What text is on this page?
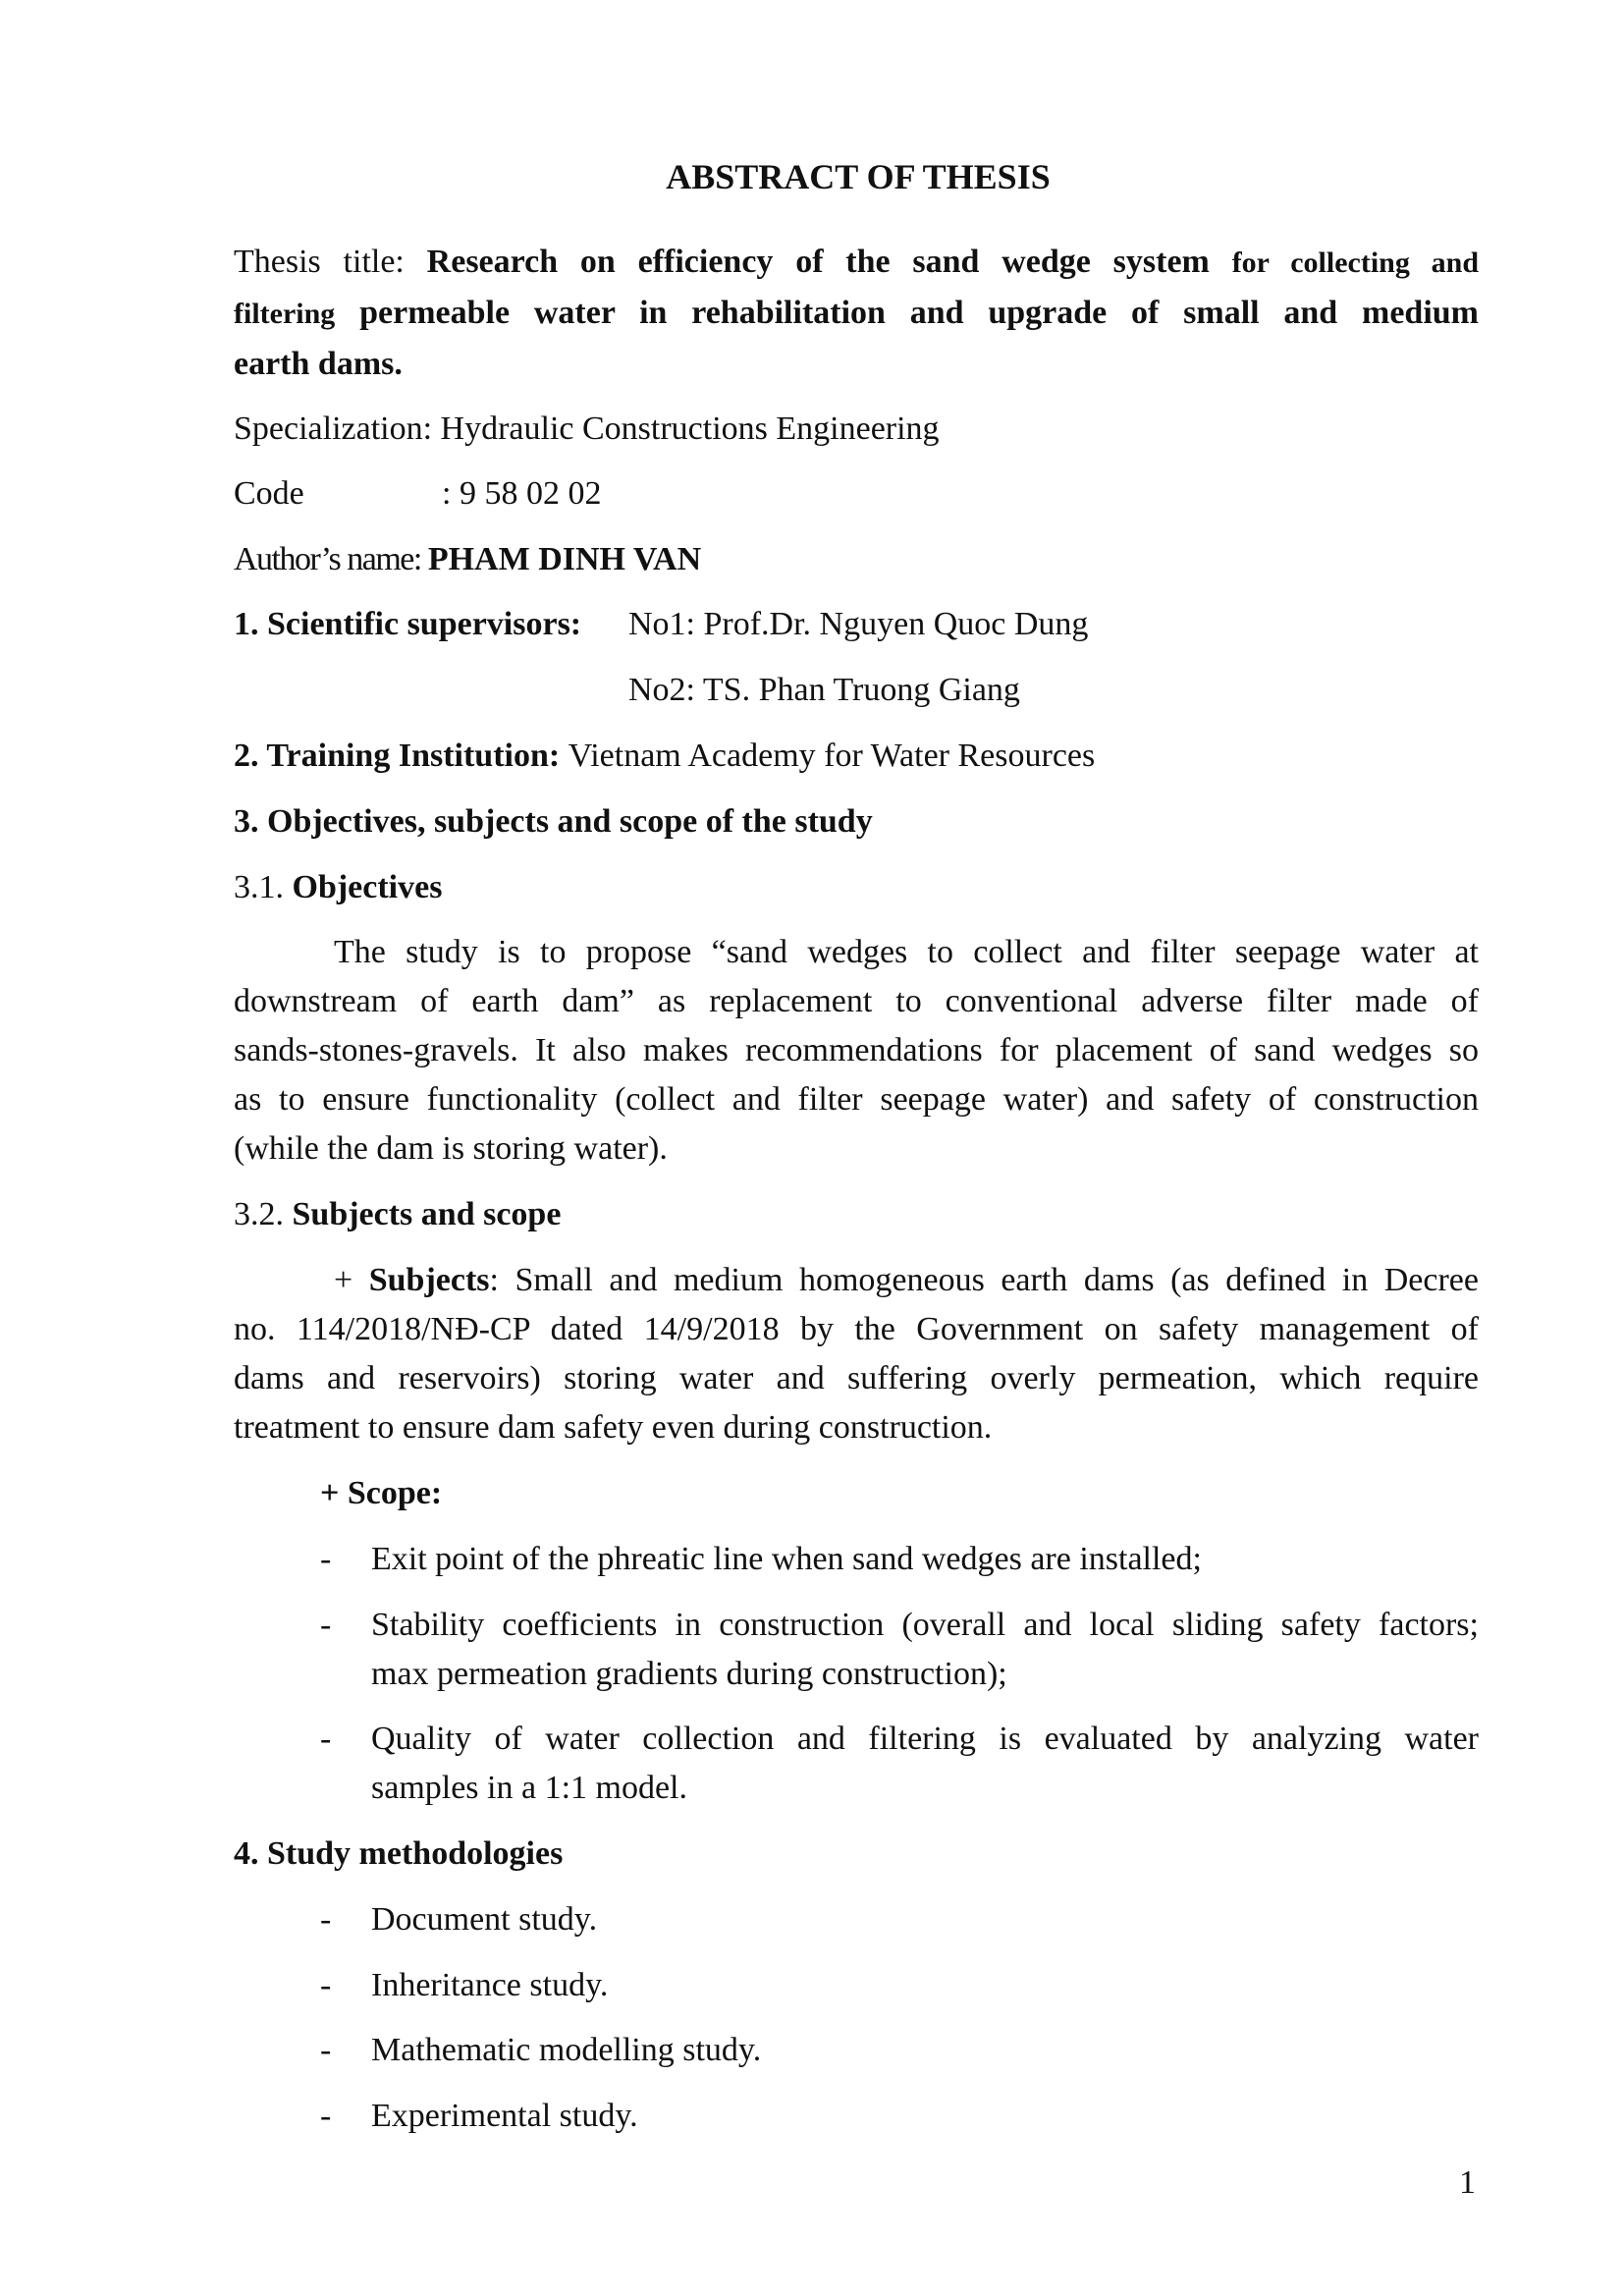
ABSTRACT OF THESIS
Thesis title: Research on efficiency of the sand wedge system for collecting and
filtering permeable water in rehabilitation and upgrade of small and medium
earth dams.
Specialization: Hydraulic Constructions Engineering
Code	: 9 58 02 02
Author’s name: PHAM DINH VAN
1. Scientific supervisors:	No1: Prof.Dr. Nguyen Quoc Dung
No2: TS. Phan Truong Giang
2. Training Institution: Vietnam Academy for Water Resources
3. Objectives, subjects and scope of the study
3.1. Objectives
The study is to propose “sand wedges to collect and filter seepage water at
downstream of earth dam” as replacement to conventional adverse filter made of
sands-stones-gravels. It also makes recommendations for placement of sand wedges so
as to ensure functionality (collect and filter seepage water) and safety of construction
(while the dam is storing water).
3.2. Subjects and scope
+ Subjects: Small and medium homogeneous earth dams (as defined in Decree
no. 114/2018/NĐ-CP dated 14/9/2018 by the Government on safety management of
dams and reservoirs) storing water and suffering overly permeation, which require
treatment to ensure dam safety even during construction.
+ Scope:
- Exit point of the phreatic line when sand wedges are installed;
- Stability coefficients in construction (overall and local sliding safety factors;
max permeation gradients during construction);
- Quality of water collection and filtering is evaluated by analyzing water
samples in a 1:1 model.
4. Study methodologies
- Document study.
- Inheritance study.
- Mathematic modelling study.
- Experimental study.
1
